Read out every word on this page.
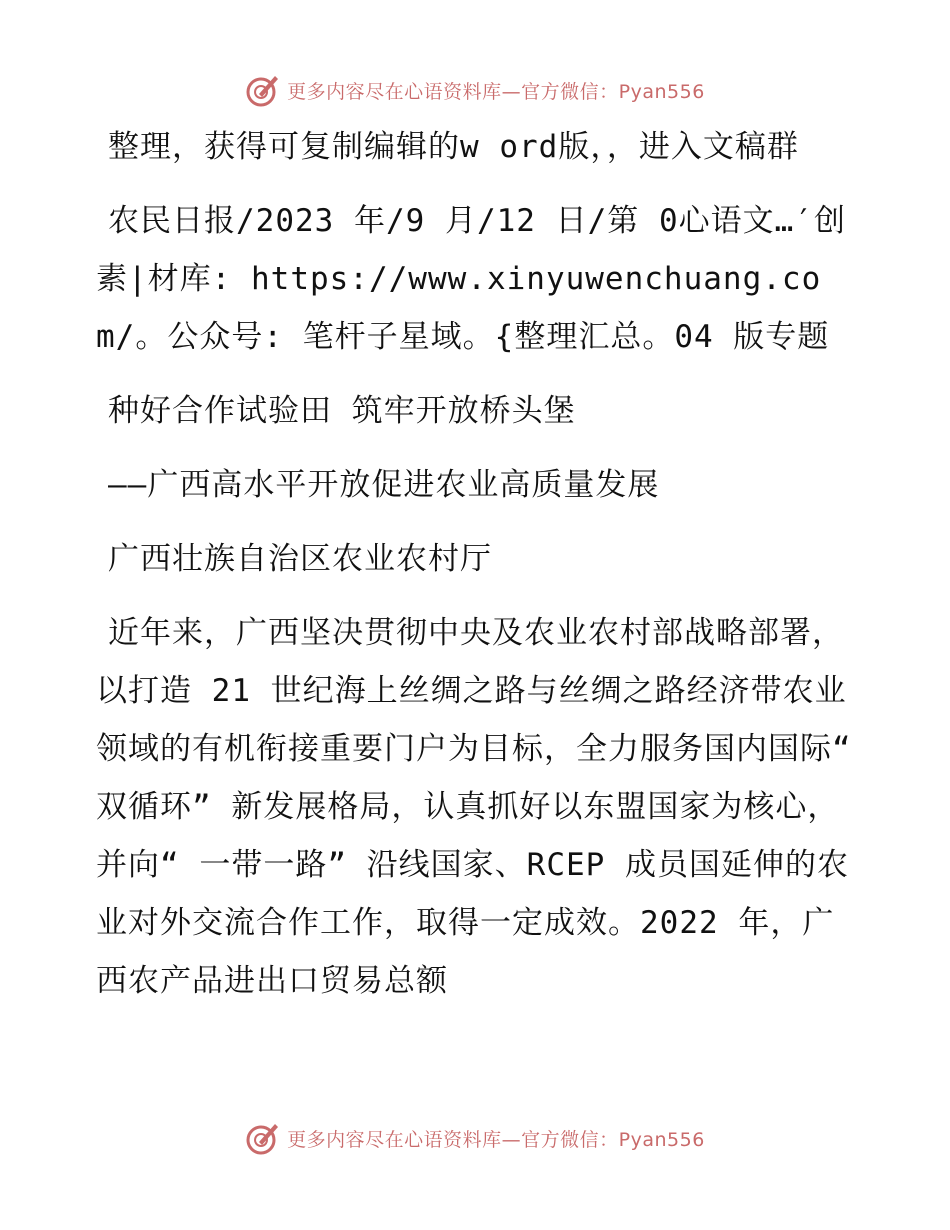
更多内容尽在心语资料库—官方微信：Pyan556

整理，获得可复制编辑的w ord版，，进入文稿群

农民日报/2023 年/9 月/12 日/第 0心语文…′创素|材库: https://www.xinyuwenchuang.com/。公众号: 笔杆子星域。{整理汇总。04 版专题

种好合作试验田 筑牢开放桥头堡

——广西高水平开放促进农业高质量发展

广西壮族自治区农业农村厅

近年来，广西坚决贯彻中央及农业农村部战略部署，以打造 21 世纪海上丝绸之路与丝绸之路经济带农业领域的有机衔接重要门户为目标，全力服务国内国际“ 双循环” 新发展格局，认真抓好以东盟国家为核心，并向“ 一带一路” 沿线国家、RCEP 成员国延伸的农业对外交流合作工作，取得一定成效。2022 年，广西农产品进出口贸易总额

更多内容尽在心语资料库—官方微信：Pyan556
